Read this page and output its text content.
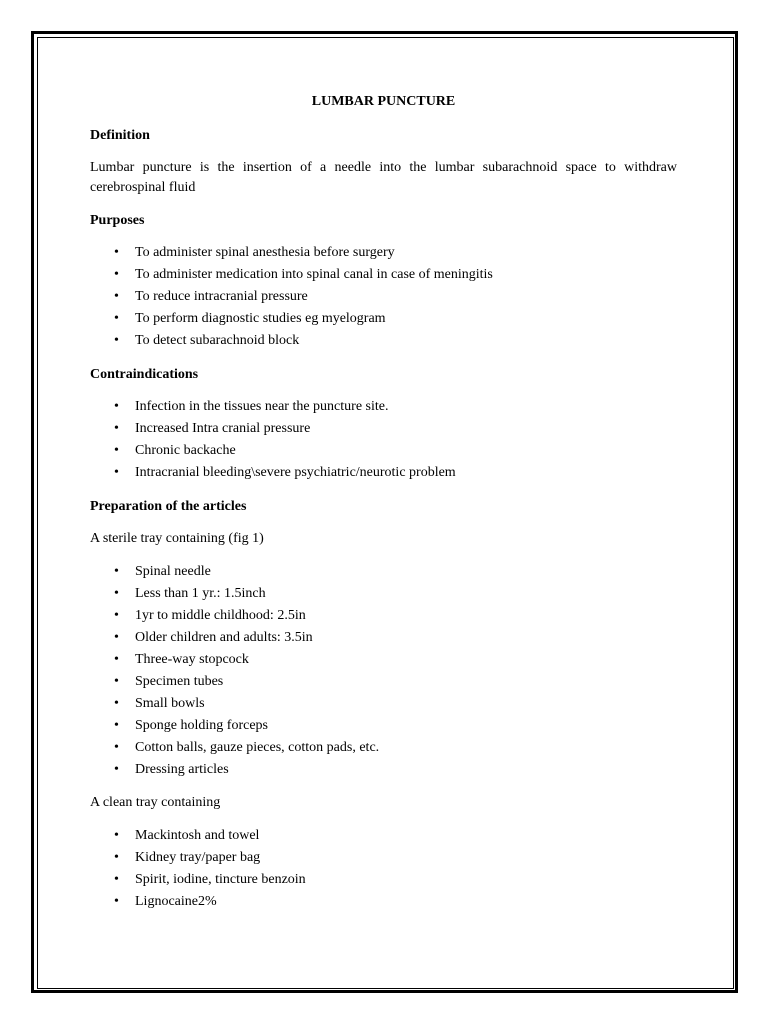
LUMBAR PUNCTURE
Definition

Lumbar puncture is the insertion of a needle into the lumbar subarachnoid space to withdraw cerebrospinal fluid

Purposes
• To administer spinal anesthesia before surgery
• To administer medication into spinal canal in case of meningitis
• To reduce intracranial pressure
• To perform diagnostic studies eg myelogram
• To detect subarachnoid block
Contraindications
• Infection in the tissues near the puncture site.
• Increased Intra cranial pressure
• Chronic backache
• Intracranial bleeding\severe psychiatric/neurotic problem
Preparation of the articles

A sterile tray containing (fig 1)

• Spinal needle
• Less than 1 yr.: 1.5inch
• 1yr to middle childhood: 2.5in
• Older children and adults: 3.5in
• Three-way stopcock
• Specimen tubes
• Small bowls
• Sponge holding forceps
• Cotton balls, gauze pieces, cotton pads, etc.
• Dressing articles

A clean tray containing

• Mackintosh and towel
• Kidney tray/paper bag
• Spirit, iodine, tincture benzoin
• Lignocaine2%
